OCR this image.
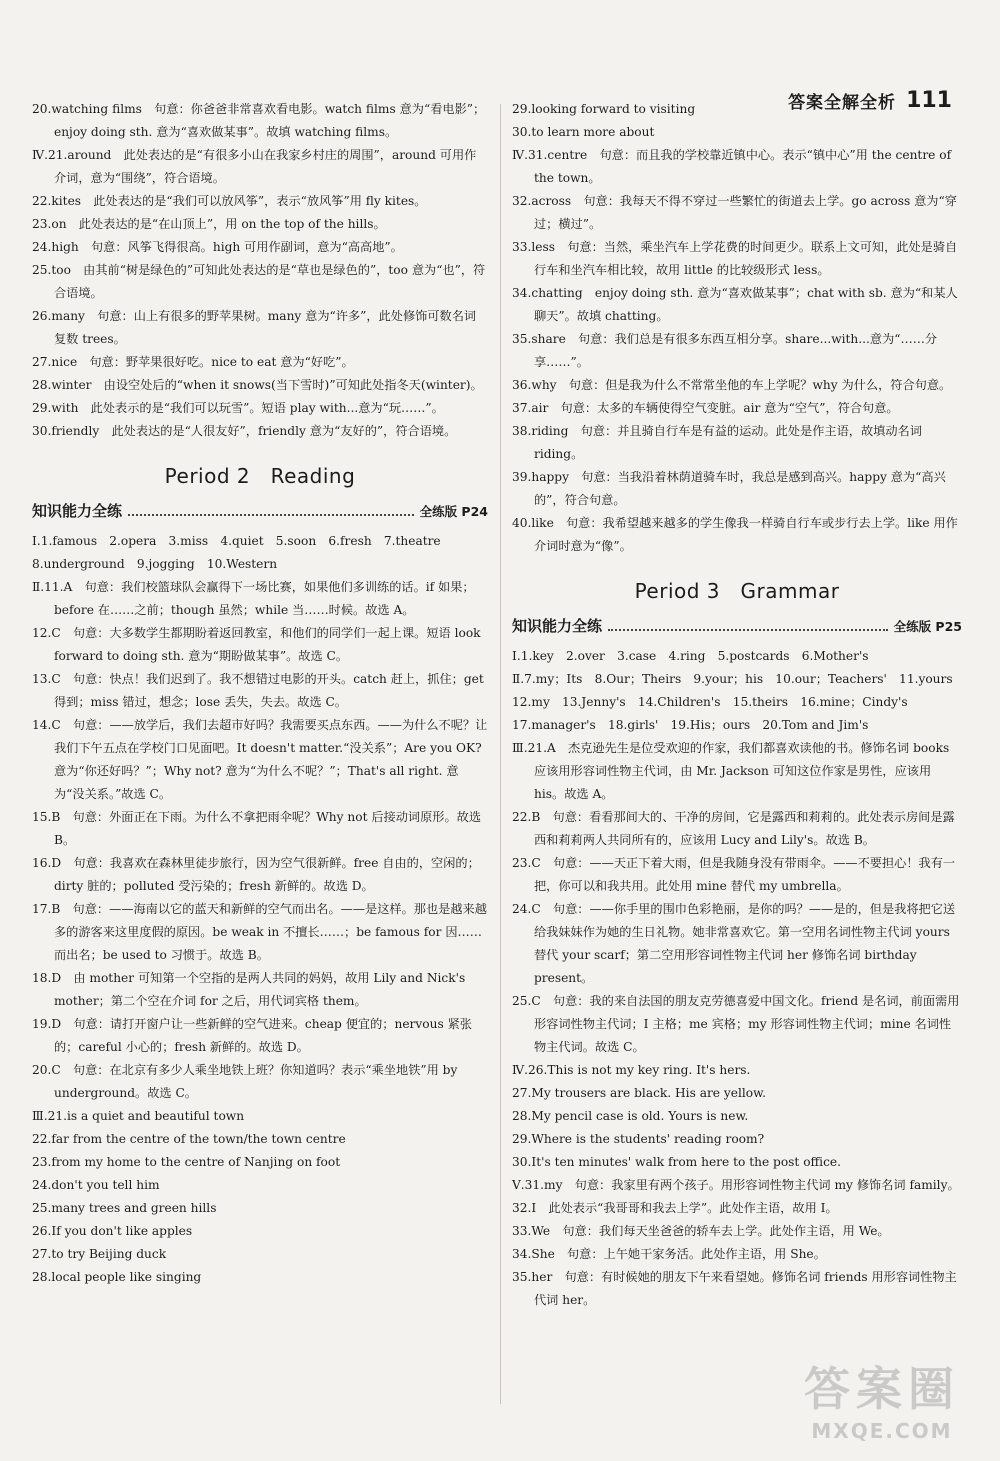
答案全解全析 111
20.watching films　句意：你爸爸非常喜欢看电影。watch films 意为“看电影”；enjoy doing sth. 意为“喜欢做某事”。故填 watching films。
Ⅳ.21.around　此处表达的是“有很多小山在我家乡村庄的周围”，around 可用作介词，意为“围绕”，符合语境。
22.kites　此处表达的是“我们可以放风筝”，表示“放风筝”用 fly kites。
23.on　此处表达的是“在山顶上”，用 on the top of the hills。
24.high　句意：风筝飞得很高。high 可用作副词，意为“高高地”。
25.too　由其前“树是绿色的”可知此处表达的是“草也是绿色的”，too 意为“也”，符合语境。
26.many　句意：山上有很多的野苹果树。many 意为“许多”，此处修饰可数名词复数 trees。
27.nice　句意：野苹果很好吃。nice to eat 意为“好吃”。
28.winter　由设空处后的“when it snows(当下雪时)”可知此处指冬天(winter)。
29.with　此处表示的是“我们可以玩雪”。短语 play with...意为“玩……”。
30.friendly　此处表达的是“人很友好”，friendly 意为“友好的”，符合语境。
Period 2　Reading
知识能力全练	全练版 P24
Ⅰ.1.famous　2.opera　3.miss　4.quiet　5.soon　6.fresh　7.theatre
8.underground　9.jogging　10.Western
Ⅱ.11.A　句意：我们校篮球队会赢得下一场比赛，如果他们多训练的话。if 如果；before 在……之前；though 虽然；while 当……时候。故选 A。
12.C　句意：大多数学生都期盼着返回教室，和他们的同学们一起上课。短语 look forward to doing sth. 意为“期盼做某事”。故选 C。
13.C　句意：快点！我们迟到了。我不想错过电影的开头。catch 赶上，抓住；get 得到；miss 错过，想念；lose 丢失，失去。故选 C。
14.C　句意：——放学后，我们去超市好吗？我需要买点东西。——为什么不呢？让我们下午五点在学校门口见面吧。It doesn't matter.“没关系”；Are you OK? 意为“你还好吗？”；Why not? 意为“为什么不呢？”；That's all right. 意为“没关系。”故选 C。
15.B　句意：外面正在下雨。为什么不拿把雨伞呢？Why not 后接动词原形。故选 B。
16.D　句意：我喜欢在森林里徒步旅行，因为空气很新鲜。free 自由的，空闲的；dirty 脏的；polluted 受污染的；fresh 新鲜的。故选 D。
17.B　句意：——海南以它的蓝天和新鲜的空气而出名。——是这样。那也是越来越多的游客来这里度假的原因。be weak in 不擅长……；be famous for 因……而出名；be used to 习惯于。故选 B。
18.D　由 mother 可知第一个空指的是两人共同的妈妈，故用 Lily and Nick's mother；第二个空在介词 for 之后，用代词宾格 them。
19.D　句意：请打开窗户让一些新鲜的空气进来。cheap 便宜的；nervous 紧张的；careful 小心的；fresh 新鲜的。故选 D。
20.C　句意：在北京有多少人乘坐地铁上班？你知道吗？表示“乘坐地铁”用 by underground。故选 C。
Ⅲ.21.is a quiet and beautiful town
22.far from the centre of the town/the town centre
23.from my home to the centre of Nanjing on foot
24.don't you tell him
25.many trees and green hills
26.If you don't like apples
27.to try Beijing duck
28.local people like singing
29.looking forward to visiting
30.to learn more about
Ⅳ.31.centre　句意：而且我的学校靠近镇中心。表示“镇中心”用 the centre of the town。
32.across　句意：我每天不得不穿过一些繁忙的街道去上学。go across 意为“穿过；横过”。
33.less　句意：当然，乘坐汽车上学花费的时间更少。联系上文可知，此处是骑自行车和坐汽车相比较，故用 little 的比较级形式 less。
34.chatting　enjoy doing sth. 意为“喜欢做某事”；chat with sb. 意为“和某人聊天”。故填 chatting。
35.share　句意：我们总是有很多东西互相分享。share...with...意为“……分享……”。
36.why　句意：但是我为什么不常常坐他的车上学呢？why 为什么，符合句意。
37.air　句意：太多的车辆使得空气变脏。air 意为“空气”，符合句意。
38.riding　句意：并且骑自行车是有益的运动。此处是作主语，故填动名词 riding。
39.happy　句意：当我沿着林荫道骑车时，我总是感到高兴。happy 意为“高兴的”，符合句意。
40.like　句意：我希望越来越多的学生像我一样骑自行车或步行去上学。like 用作介词时意为“像”。
Period 3　Grammar
知识能力全练	全练版 P25
Ⅰ.1.key　2.over　3.case　4.ring　5.postcards　6.Mother's
Ⅱ.7.my；Its　8.Our；Theirs　9.your；his　10.our；Teachers'　11.yours
12.my　13.Jenny's　14.Children's　15.theirs　16.mine；Cindy's
17.manager's　18.girls'　19.His；ours　20.Tom and Jim's
Ⅲ.21.A　杰克逊先生是位受欢迎的作家，我们都喜欢读他的书。修饰名词 books 应该用形容词性物主代词，由 Mr. Jackson 可知这位作家是男性，应该用 his。故选 A。
22.B　句意：看看那间大的、干净的房间，它是露西和莉莉的。此处表示房间是露西和莉莉两人共同所有的，应该用 Lucy and Lily's。故选 B。
23.C　句意：——天正下着大雨，但是我随身没有带雨伞。——不要担心！我有一把，你可以和我共用。此处用 mine 替代 my umbrella。
24.C　句意：——你手里的围巾色彩艳丽，是你的吗？——是的，但是我将把它送给我妹妹作为她的生日礼物。她非常喜欢它。第一空用名词性物主代词 yours 替代 your scarf；第二空用形容词性物主代词 her 修饰名词 birthday present。
25.C　句意：我的来自法国的朋友克劳德喜爱中国文化。friend 是名词，前面需用形容词性物主代词；I 主格；me 宾格；my 形容词性物主代词；mine 名词性物主代词。故选 C。
Ⅳ.26.This is not my key ring. It's hers.
27.My trousers are black. His are yellow.
28.My pencil case is old. Yours is new.
29.Where is the students' reading room?
30.It's ten minutes' walk from here to the post office.
Ⅴ.31.my　句意：我家里有两个孩子。用形容词性物主代词 my 修饰名词 family。
32.I　此处表示“我哥哥和我去上学”。此处作主语，故用 I。
33.We　句意：我们每天坐爸爸的轿车去上学。此处作主语，用 We。
34.She　句意：上午她干家务活。此处作主语，用 She。
35.her　句意：有时候她的朋友下午来看望她。修饰名词 friends 用形容词性物主代词 her。
答案圈
MXQE.COM
